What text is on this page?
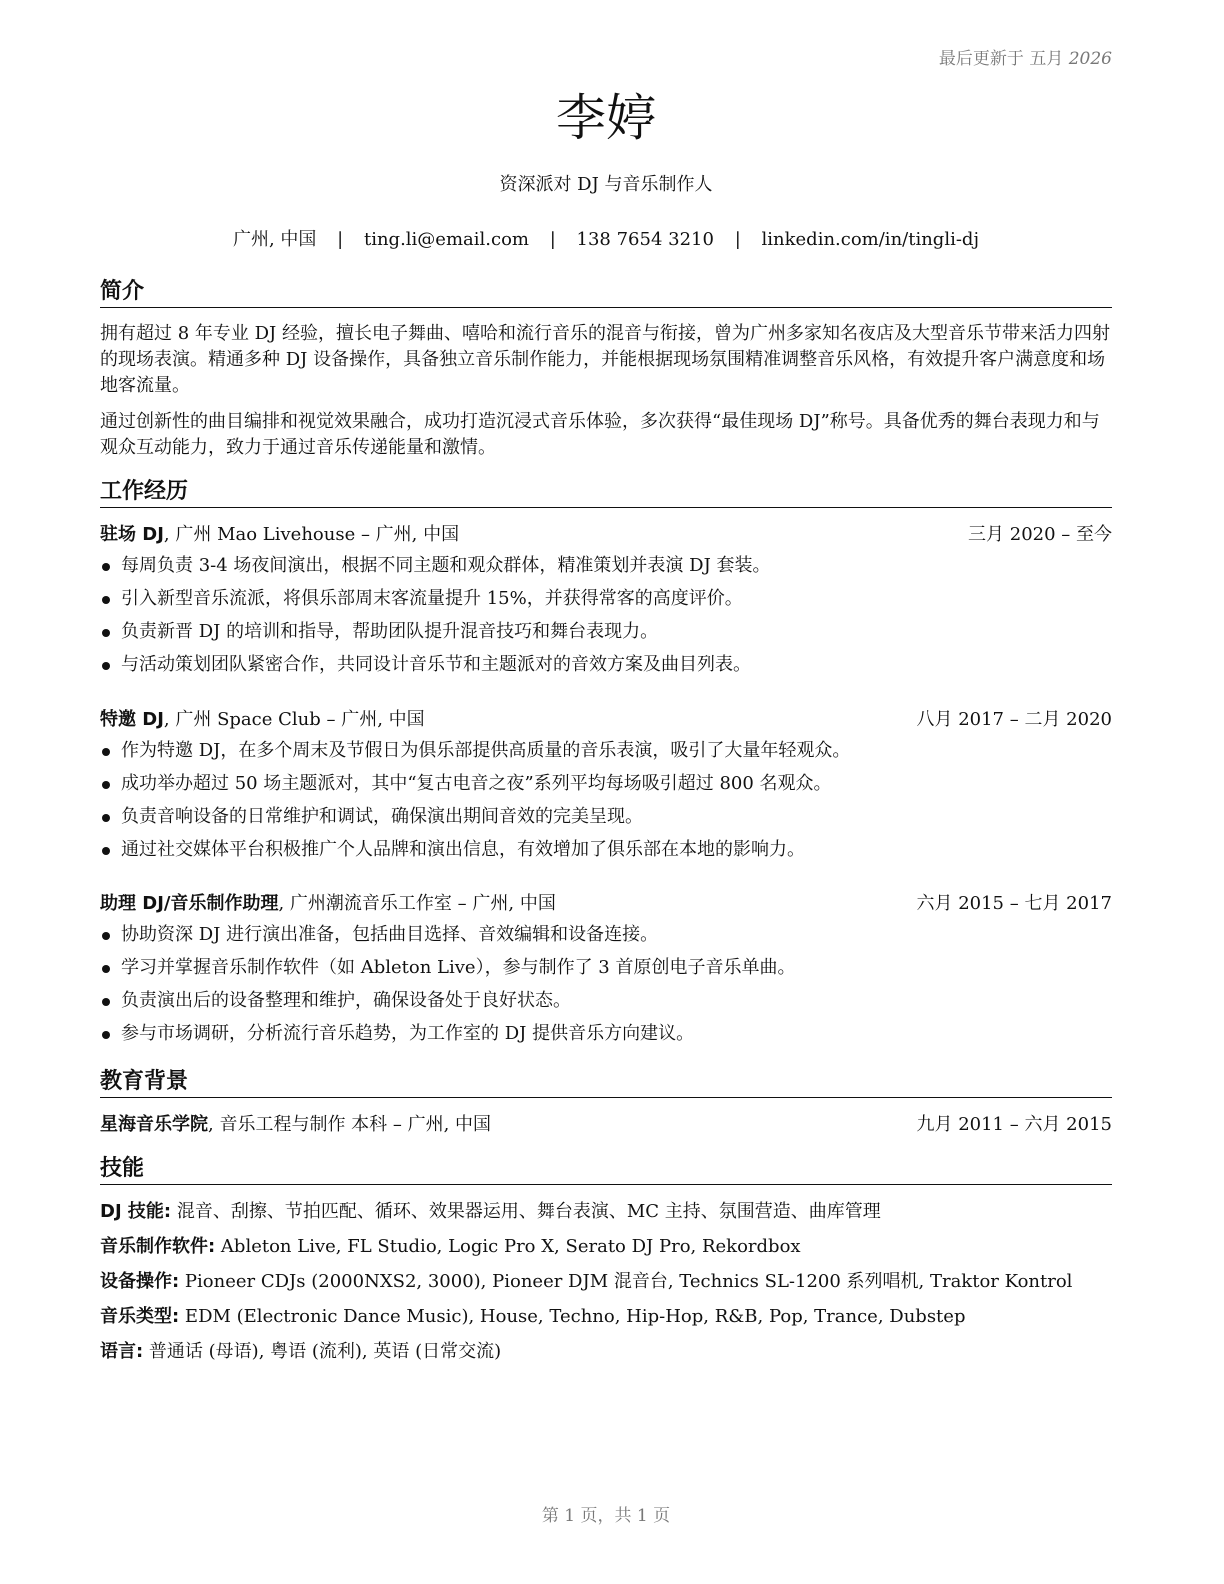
最后更新于 五月 2026
李婷
资深派对 DJ 与音乐制作人
广州, 中国 | ting.li@email.com | 138 7654 3210 | linkedin.com/in/tingli-dj
简介
拥有超过 8 年专业 DJ 经验，擅长电子舞曲、嘻哈和流行音乐的混音与衔接，曾为广州多家知名夜店及大型音乐节带来活力四射的现场表演。精通多种 DJ 设备操作，具备独立音乐制作能力，并能根据现场氛围精准调整音乐风格，有效提升客户满意度和场地客流量。
通过创新性的曲目编排和视觉效果融合，成功打造沉浸式音乐体验，多次获得“最佳现场 DJ”称号。具备优秀的舞台表现力和与观众互动能力，致力于通过音乐传递能量和激情。
工作经历
驻场 DJ, 广州 Mao Livehouse – 广州, 中国	三月 2020 – 至今
每周负责 3-4 场夜间演出，根据不同主题和观众群体，精准策划并表演 DJ 套装。
引入新型音乐流派，将俱乐部周末客流量提升 15%，并获得常客的高度评价。
负责新晋 DJ 的培训和指导，帮助团队提升混音技巧和舞台表现力。
与活动策划团队紧密合作，共同设计音乐节和主题派对的音效方案及曲目列表。
特邀 DJ, 广州 Space Club – 广州, 中国	八月 2017 – 二月 2020
作为特邀 DJ，在多个周末及节假日为俱乐部提供高质量的音乐表演，吸引了大量年轻观众。
成功举办超过 50 场主题派对，其中“复古电音之夜”系列平均每场吸引超过 800 名观众。
负责音响设备的日常维护和调试，确保演出期间音效的完美呈现。
通过社交媒体平台积极推广个人品牌和演出信息，有效增加了俱乐部在本地的影响力。
助理 DJ/音乐制作助理, 广州潮流音乐工作室 – 广州, 中国	六月 2015 – 七月 2017
协助资深 DJ 进行演出准备，包括曲目选择、音效编辑和设备连接。
学习并掌握音乐制作软件（如 Ableton Live），参与制作了 3 首原创电子音乐单曲。
负责演出后的设备整理和维护，确保设备处于良好状态。
参与市场调研，分析流行音乐趋势，为工作室的 DJ 提供音乐方向建议。
教育背景
星海音乐学院, 音乐工程与制作 本科 – 广州, 中国	九月 2011 – 六月 2015
技能
DJ 技能: 混音、刮擦、节拍匹配、循环、效果器运用、舞台表演、MC 主持、氛围营造、曲库管理
音乐制作软件: Ableton Live, FL Studio, Logic Pro X, Serato DJ Pro, Rekordbox
设备操作: Pioneer CDJs (2000NXS2, 3000), Pioneer DJM 混音台, Technics SL-1200 系列唱机, Traktor Kontrol
音乐类型: EDM (Electronic Dance Music), House, Techno, Hip-Hop, R&B, Pop, Trance, Dubstep
语言: 普通话 (母语), 粤语 (流利), 英语 (日常交流)
第 1 页，共 1 页
